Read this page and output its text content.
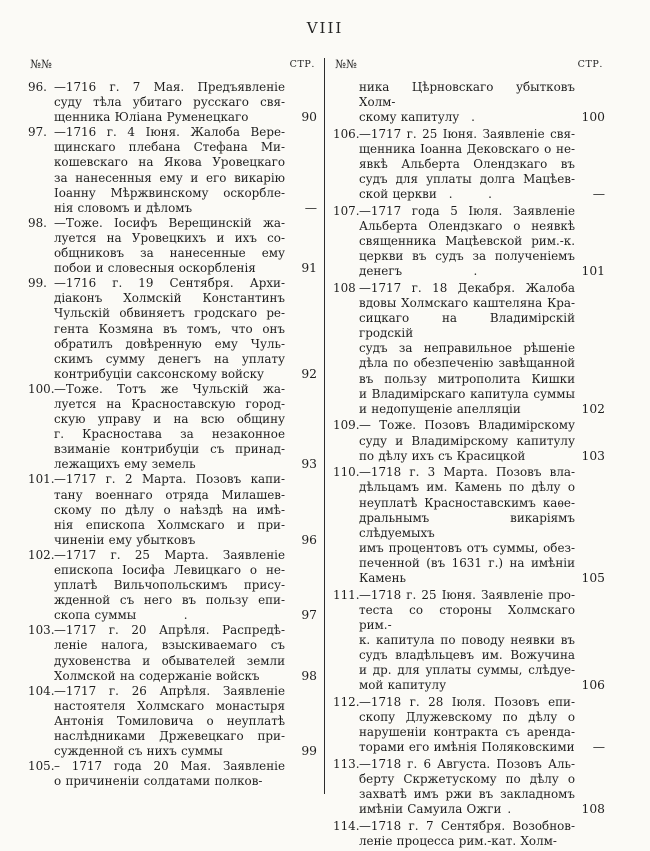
VIII
№№	СТР.
96. —1716 г. 7 Мая. Предъявленіе
суду тѣла убитаго русскаго свя-
щенника Юліана Руменецкаго	90
97. —1716 г. 4 Іюня. Жалоба Вере-
щинскаго плебана Стефана Ми-
кошевскаго на Якова Уровецкаго
за нанесенныя ему и его викарію
Іоанну Мѣржвинскому оскорбле-
нія словомъ и дѣломъ	—
98. —Тоже. Іосифъ Верещинскій жа-
луется на Уровецкихъ и ихъ со-
общниковъ за нанесенные ему
побои и словесныя оскорбленія	91
99. —1716 г. 19 Сентября. Архи-
діаконъ Холмскій Константинъ
Чульскій обвиняетъ гродскаго ре-
гента Козмяна въ томъ, что онъ
обратилъ довѣренную ему Чуль-
скимъ сумму денегъ на уплату
контрибуціи саксонскому войску	92
100. —Тоже. Тотъ же Чульскій жа-
луется на Красноставскую город-
скую управу и на всю общину
г. Красностава за незаконное
взиманіе контрибуціи съ принад-
лежащихъ ему земель	93
101. —1717 г. 2 Марта. Позовъ капи-
тану военнаго отряда Милашев-
скому по дѣлу о наѣздѣ на имѣ-
нія епископа Холмскаго и при-
чиненіи ему убытковъ	96
102. —1717 г. 25 Марта. Заявленіе
епископа Іосифа Левицкаго о не-
уплатѣ Вильчопольскимъ прису-
жденной съ него въ пользу епи-
скопа суммы    .	97
103. —1717 г. 20 Апрѣля. Распредѣ-
леніе налога, взыскиваемаго съ
духовенства и обывателей земли
Холмской на содержаніе войскъ	98
104. —1717 г. 26 Апрѣля. Заявленіе
настоятеля Холмскаго монастыря
Антонія Томиловича о неуплатѣ
наслѣдниками Држевецкаго при-
сужденной съ нихъ суммы	99
105. – 1717 года 20 Мая. Заявленіе
о причиненіи солдатами полков-
№№	СТР.
ника Цѣрновскаго убытковъ Холм-
скому капитулу .	100
106. —1717 г. 25 Іюня. Заявленіе свя-
щенника Іоанна Дековскаго о не-
явкѣ Альберта Олендзкаго въ
судъ для уплаты долга Мацѣев-
ской церкви .   .	—
107. —1717 года 5 Іюля. Заявленіе
Альберта Олендзкаго о неявкѣ
священника Мацѣевской рим.-к.
церкви въ судъ за полученіемъ
денегъ      .	101
108 —1717 г. 18 Декабря. Жалоба
вдовы Холмскаго каштеляна Кра-
сицкаго на Владимірскій гродскій
судъ за неправильное рѣшеніе
дѣла по обезпеченію завѣщанной
въ пользу митрополита Кишки
и Владимірскаго капитула суммы
и недопущеніе апелляціи	102
109. — Тоже. Позовъ Владимірскому
суду и Владимірскому капитулу
по дѣлу ихъ съ Красицкой	103
110. —1718 г. 3 Марта. Позовъ вла-
дѣльцамъ им. Камень по дѣлу о
неуплатѣ Красноставскимъ каѳе-
дральнымъ викаріямъ слѣдуемыхъ
имъ процентовъ отъ суммы, обез-
печенной (въ 1631 г.) на имѣніи
Камень	105
111. —1718 г. 25 Іюня. Заявленіе про-
теста со стороны Холмскаго рим.-
к. капитула по поводу неявки въ
судъ владѣльцевъ им. Вожучина
и др. для уплаты суммы, слѣдуе-
мой капитулу	106
112. —1718 г. 28 Іюля. Позовъ епи-
скопу Длужевскому по дѣлу о
нарушеніи контракта съ аренда-
торами его имѣнія Поляковскими —
113. —1718 г. 6 Августа. Позовъ Аль-
берту Скржетускому по дѣлу о
захватѣ имъ ржи въ закладномъ
имѣніи Самуила Ожги .	108
114. —1718 г. 7 Сентября. Возобнов-
леніе процесса рим.-кат. Холм-
